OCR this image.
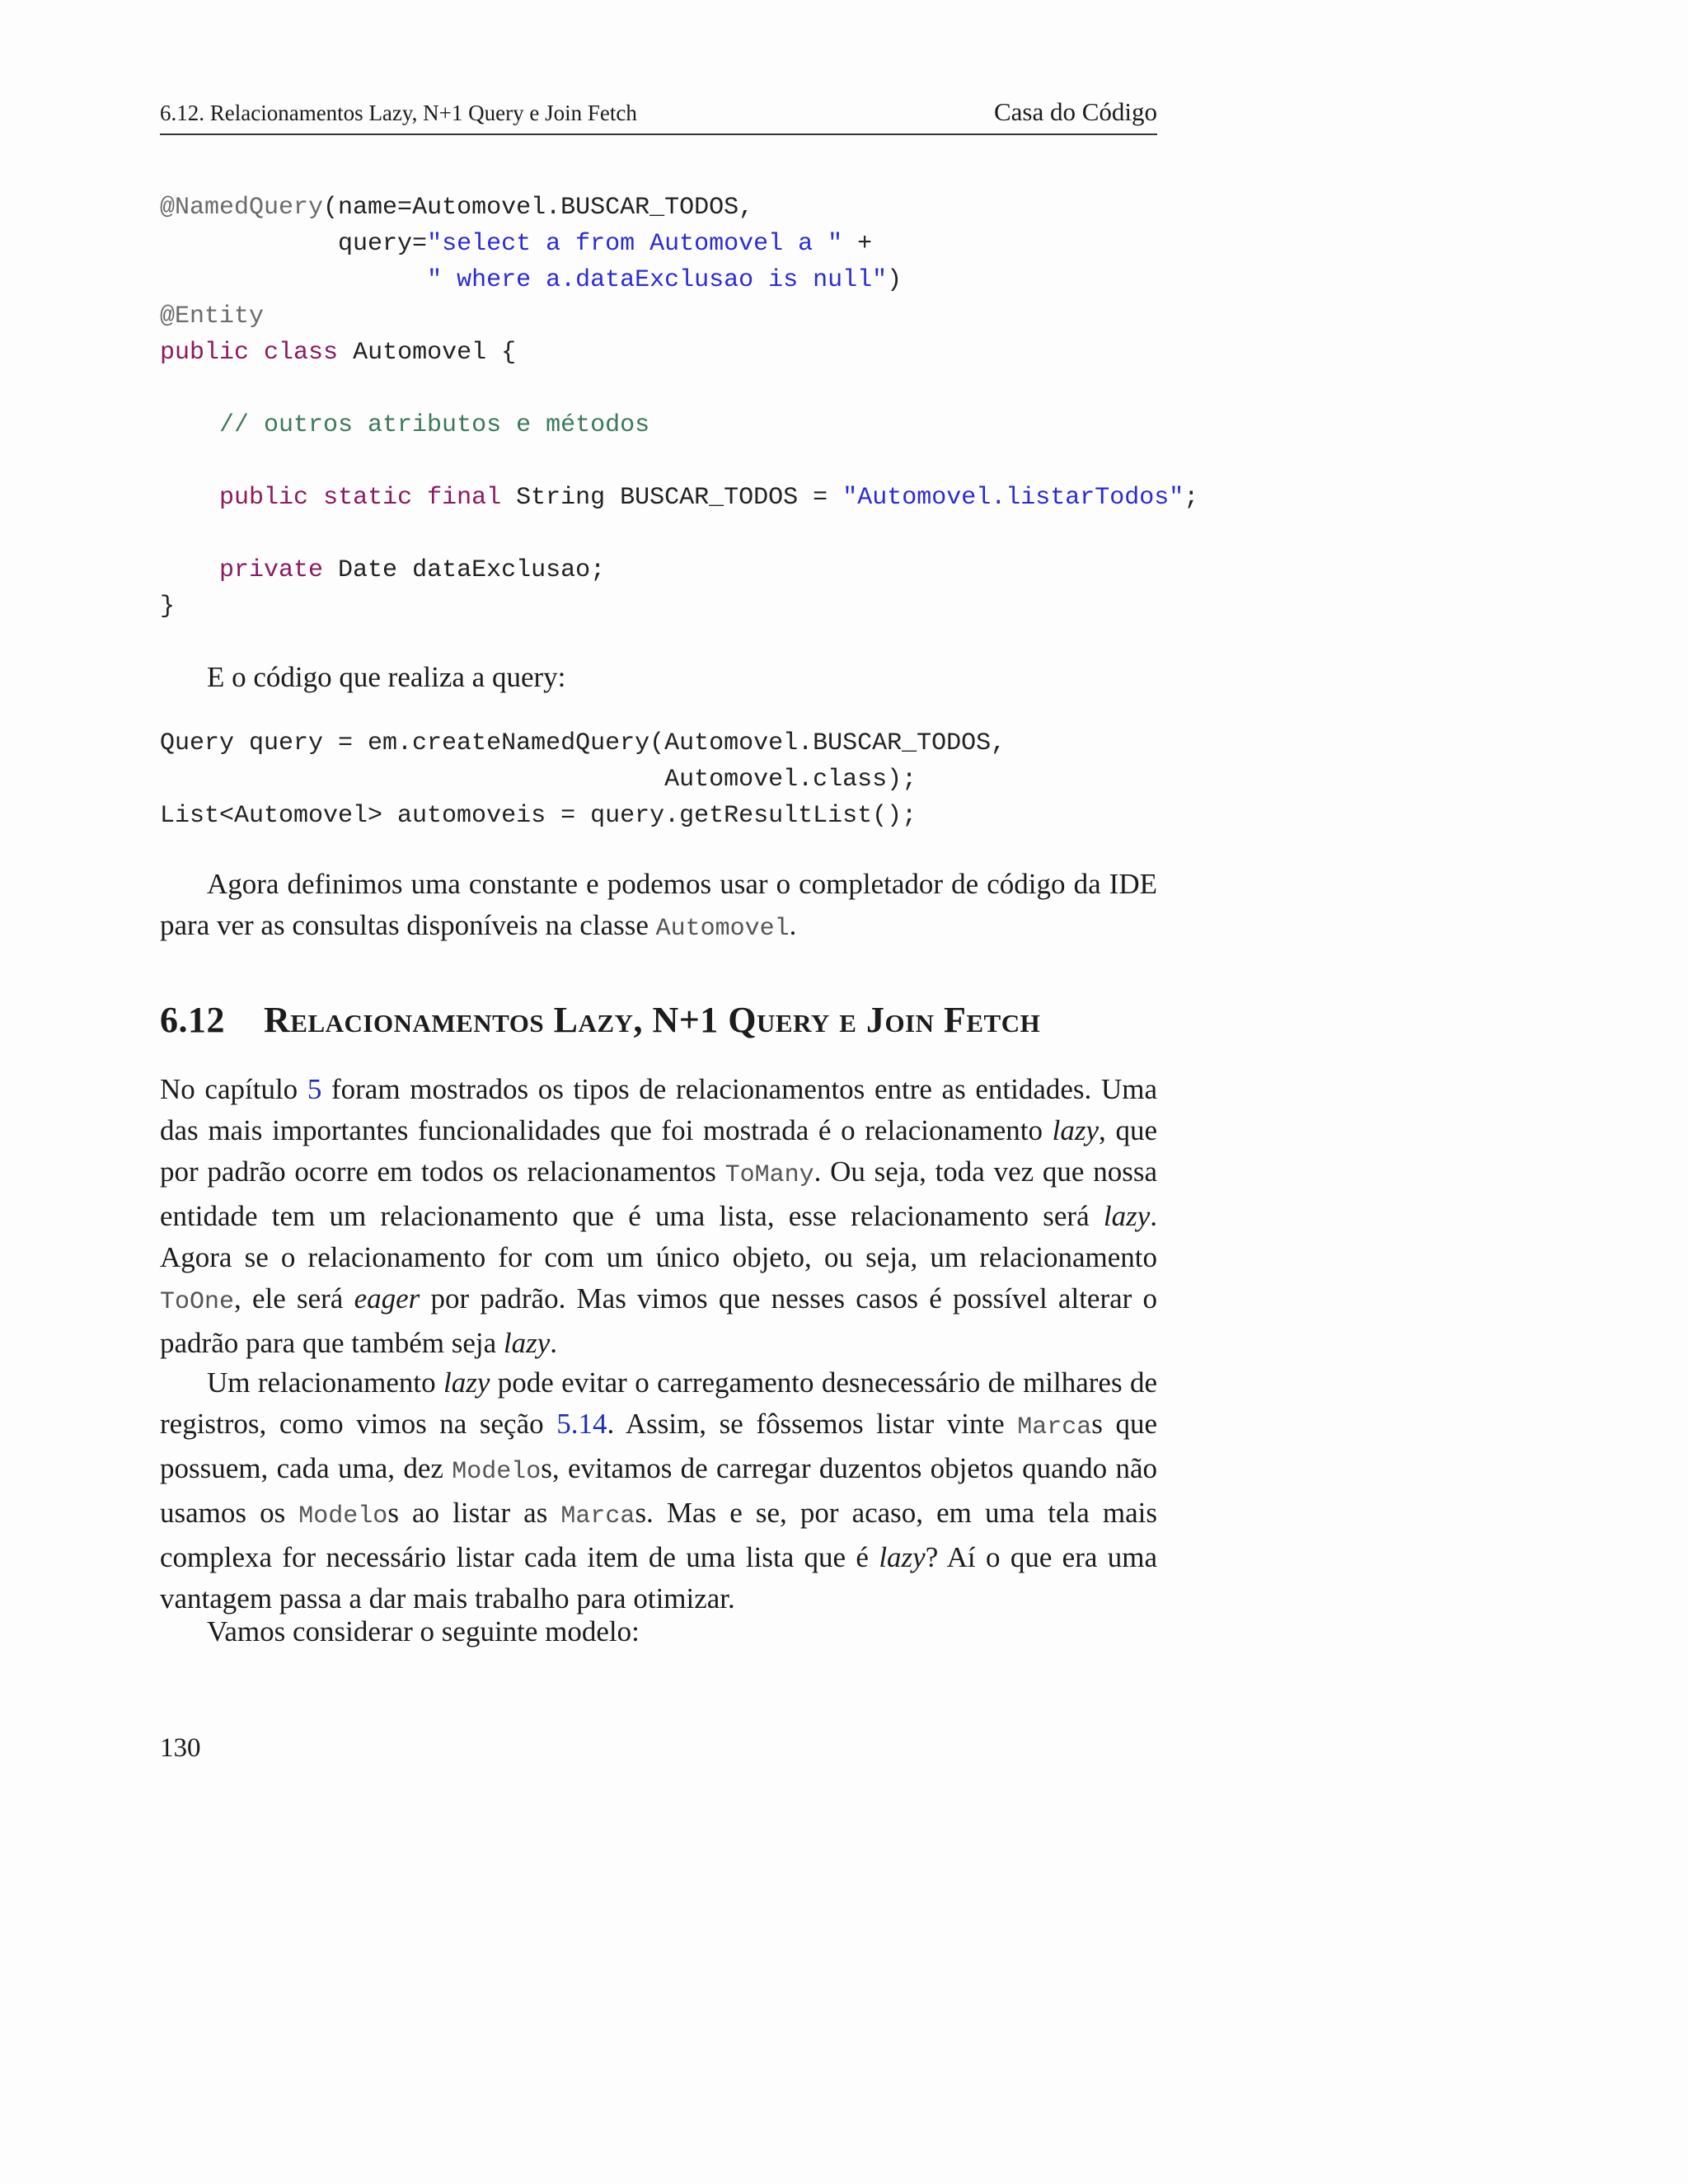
6.12. Relacionamentos Lazy, N+1 Query e Join Fetch	Casa do Código
@NamedQuery(name=Automovel.BUSCAR_TODOS,
query="select a from Automovel a " +
" where a.dataExclusao is null")
@Entity
public class Automovel {

// outros atributos e métodos

public static final String BUSCAR_TODOS = "Automovel.listarTodos";

private Date dataExclusao;
}

E o código que realiza a query:

Query query = em.createNamedQuery(Automovel.BUSCAR_TODOS,
Automovel.class);
List<Automovel> automoveis = query.getResultList();

Agora definimos uma constante e podemos usar o completador de código da IDE para ver as consultas disponíveis na classe Automovel.

6.12 Relacionamentos Lazy, N+1 Query e Join Fetch

No capítulo 5 foram mostrados os tipos de relacionamentos entre as entidades. Uma das mais importantes funcionalidades que foi mostrada é o relacionamento lazy, que por padrão ocorre em todos os relacionamentos ToMany. Ou seja, toda vez que nossa entidade tem um relacionamento que é uma lista, esse relacionamento será lazy. Agora se o relacionamento for com um único objeto, ou seja, um relacionamento ToOne, ele será eager por padrão. Mas vimos que nesses casos é possível alterar o padrão para que também seja lazy.

Um relacionamento lazy pode evitar o carregamento desnecessário de milhares de registros, como vimos na seção 5.14. Assim, se fôssemos listar vinte Marcas que possuem, cada uma, dez Modelos, evitamos de carregar duzentos objetos quando não usamos os Modelos ao listar as Marcas. Mas e se, por acaso, em uma tela mais complexa for necessário listar cada item de uma lista que é lazy? Aí o que era uma vantagem passa a dar mais trabalho para otimizar.

Vamos considerar o seguinte modelo:

130
